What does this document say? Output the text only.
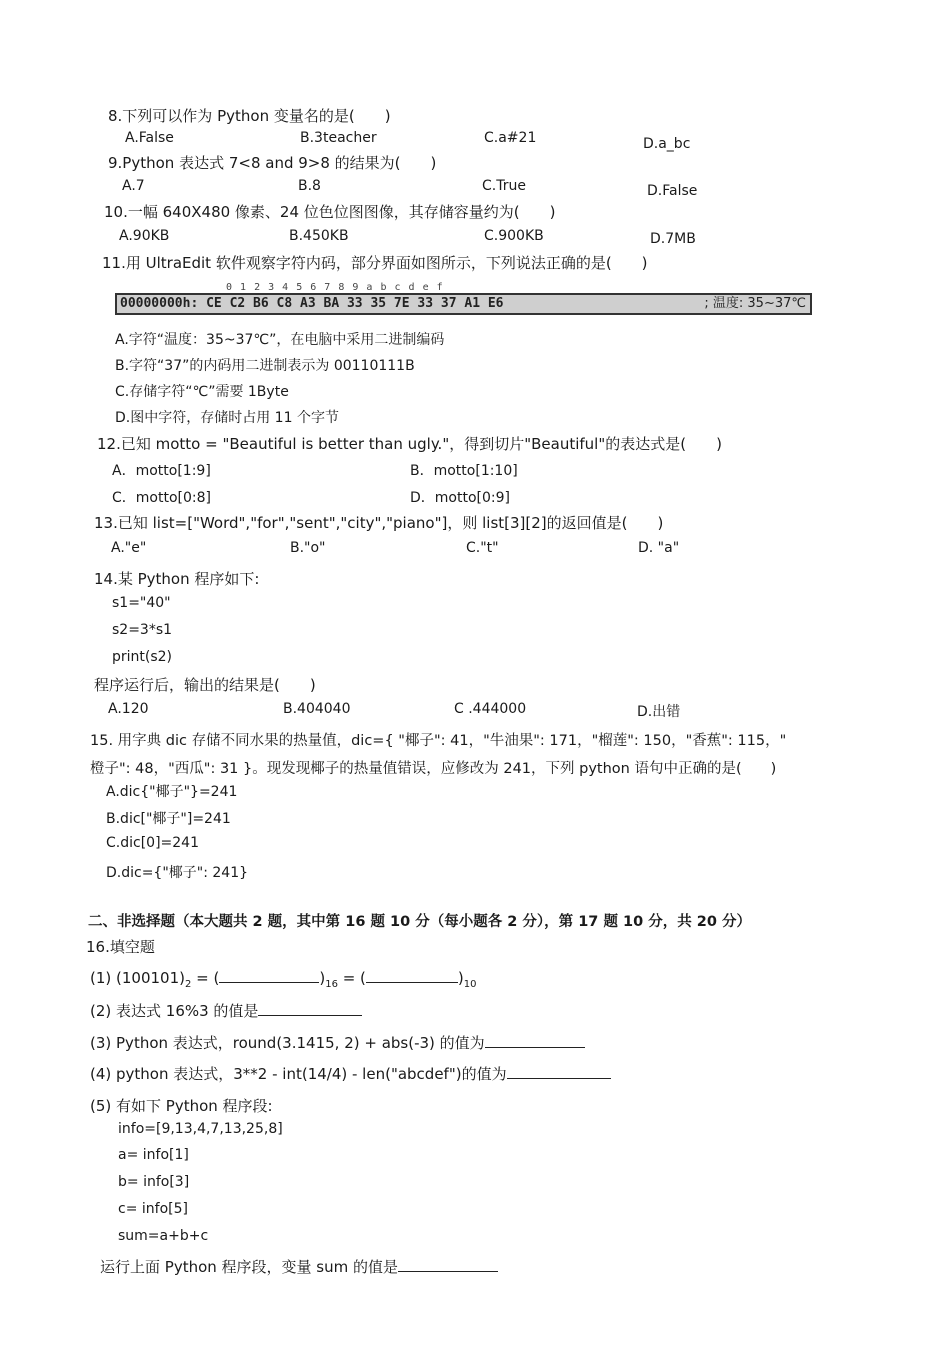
8.下列可以作为 Python 变量名的是(　　)
A.False	B.3teacher	C.a#21	D.a_bc
9.Python 表达式 7<8 and 9>8 的结果为(　　)
A.7	B.8	C.True	D.False
10.一幅 640X480 像素、24 位色位图图像，其存储容量约为(　　)
A.90KB	B.450KB	C.900KB	D.7MB
11.用 UltraEdit 软件观察字符内码，部分界面如图所示，下列说法正确的是(　　)
0 1 2 3 4 5 6 7 8 9 a b c d e f
00000000h: CE C2 B6 C8 A3 BA 33 35 7E 33 37 A1 E6	; 温度: 35~37℃
A.字符“温度：35~37℃”，在电脑中采用二进制编码
B.字符“37”的内码用二进制表示为 00110111B
C.存储字符“℃”需要 1Byte
D.图中字符，存储时占用 11 个字节
12.已知 motto = "Beautiful is better than ugly."，得到切片"Beautiful"的表达式是(　　)
A．motto[1:9]	B．motto[1:10]
C．motto[0:8]	D．motto[0:9]
13.已知 list=["Word","for","sent","city","piano"]，则 list[3][2]的返回值是(　　)
A."e"	B."o"	C."t"	D. "a"
14.某 Python 程序如下:
s1="40"
s2=3*s1
print(s2)
程序运行后，输出的结果是(　　)
A.120	B.404040	C .444000	D.出错
15. 用字典 dic 存储不同水果的热量值，dic={ "椰子": 41，"牛油果": 171，"榴莲": 150，"香蕉": 115，"
橙子": 48，"西瓜": 31 }。现发现椰子的热量值错误，应修改为 241，下列 python 语句中正确的是(　　)
A.dic{"椰子"}=241
B.dic["椰子"]=241
C.dic[0]=241
D.dic={"椰子": 241}
二、非选择题（本大题共 2 题，其中第 16 题 10 分（每小题各 2 分），第 17 题 10 分，共 20 分）
16.填空题
(1) $(100101)_2$ = (	)$_{16}$ = (	)$_{10}$
(2) 表达式 16%3 的值是
(3) Python 表达式，round(3.1415, 2) + abs(-3) 的值为
(4) python 表达式，3**2 - int(14/4) - len("abcdef")的值为
(5) 有如下 Python 程序段:
info=[9,13,4,7,13,25,8]
a= info[1]
b= info[3]
c= info[5]
sum=a+b+c
运行上面 Python 程序段，变量 sum 的值是
